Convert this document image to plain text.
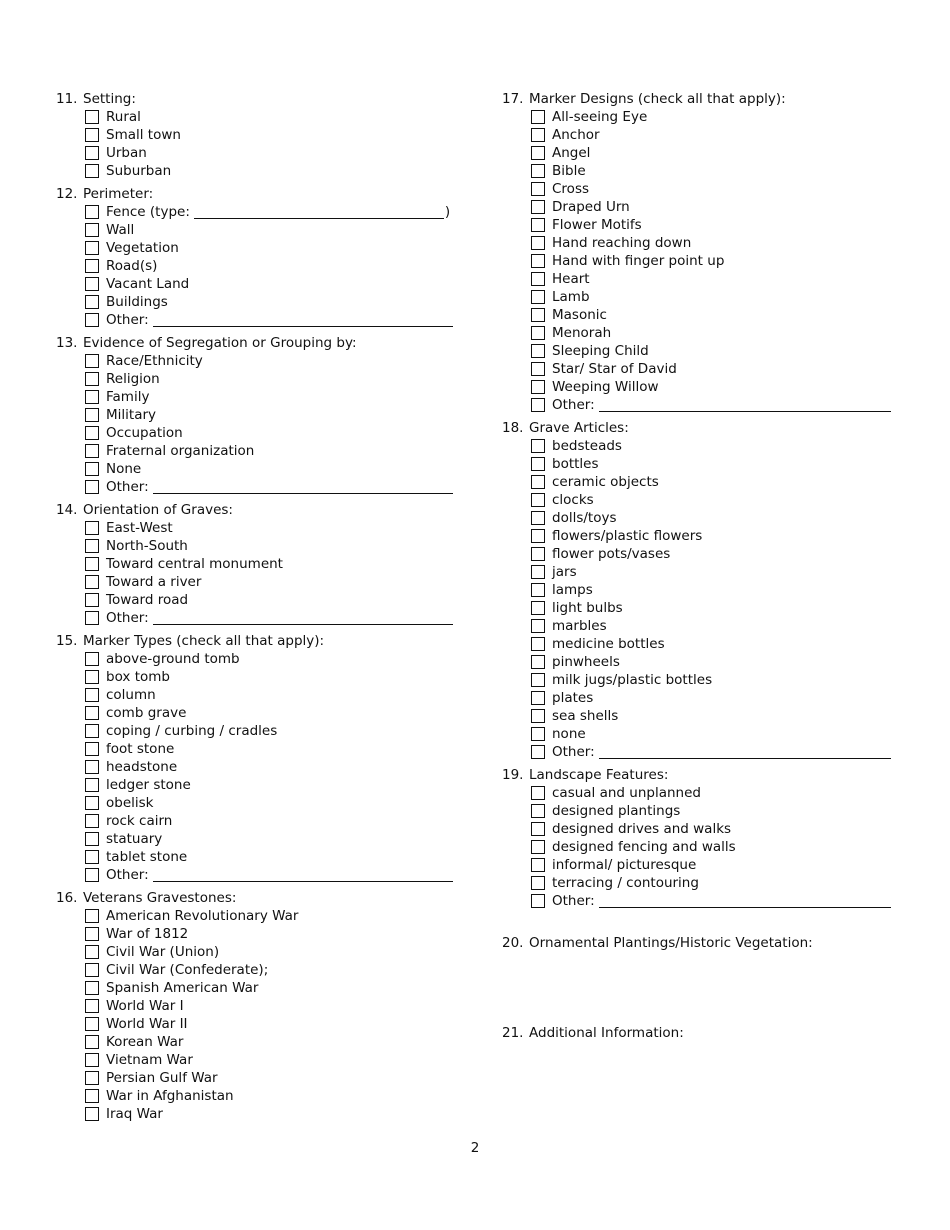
11. Setting:
Rural
Small town
Urban
Suburban
12. Perimeter:
Fence (type:	)
Wall
Vegetation
Road(s)
Vacant Land
Buildings
Other:
13. Evidence of Segregation or Grouping by:
Race/Ethnicity
Religion
Family
Military
Occupation
Fraternal organization
None
Other:
14. Orientation of Graves:
East-West
North-South
Toward central monument
Toward a river
Toward road
Other:
15. Marker Types (check all that apply):
above-ground tomb
box tomb
column
comb grave
coping / curbing / cradles
foot stone
headstone
ledger stone
obelisk
rock cairn
statuary
tablet stone
Other:
16. Veterans Gravestones:
American Revolutionary War
War of 1812
Civil War (Union)
Civil War (Confederate);
Spanish American War
World War I
World War II
Korean War
Vietnam War
Persian Gulf War
War in Afghanistan
Iraq War
17. Marker Designs (check all that apply):
All-seeing Eye
Anchor
Angel
Bible
Cross
Draped Urn
Flower Motifs
Hand reaching down
Hand with finger point up
Heart
Lamb
Masonic
Menorah
Sleeping Child
Star/ Star of David
Weeping Willow
Other:
18. Grave Articles:
bedsteads
bottles
ceramic objects
clocks
dolls/toys
flowers/plastic flowers
flower pots/vases
jars
lamps
light bulbs
marbles
medicine bottles
pinwheels
milk jugs/plastic bottles
plates
sea shells
none
Other:
19. Landscape Features:
casual and unplanned
designed plantings
designed drives and walks
designed fencing and walls
informal/ picturesque
terracing / contouring
Other:
20. Ornamental Plantings/Historic Vegetation:
21. Additional Information:
2
